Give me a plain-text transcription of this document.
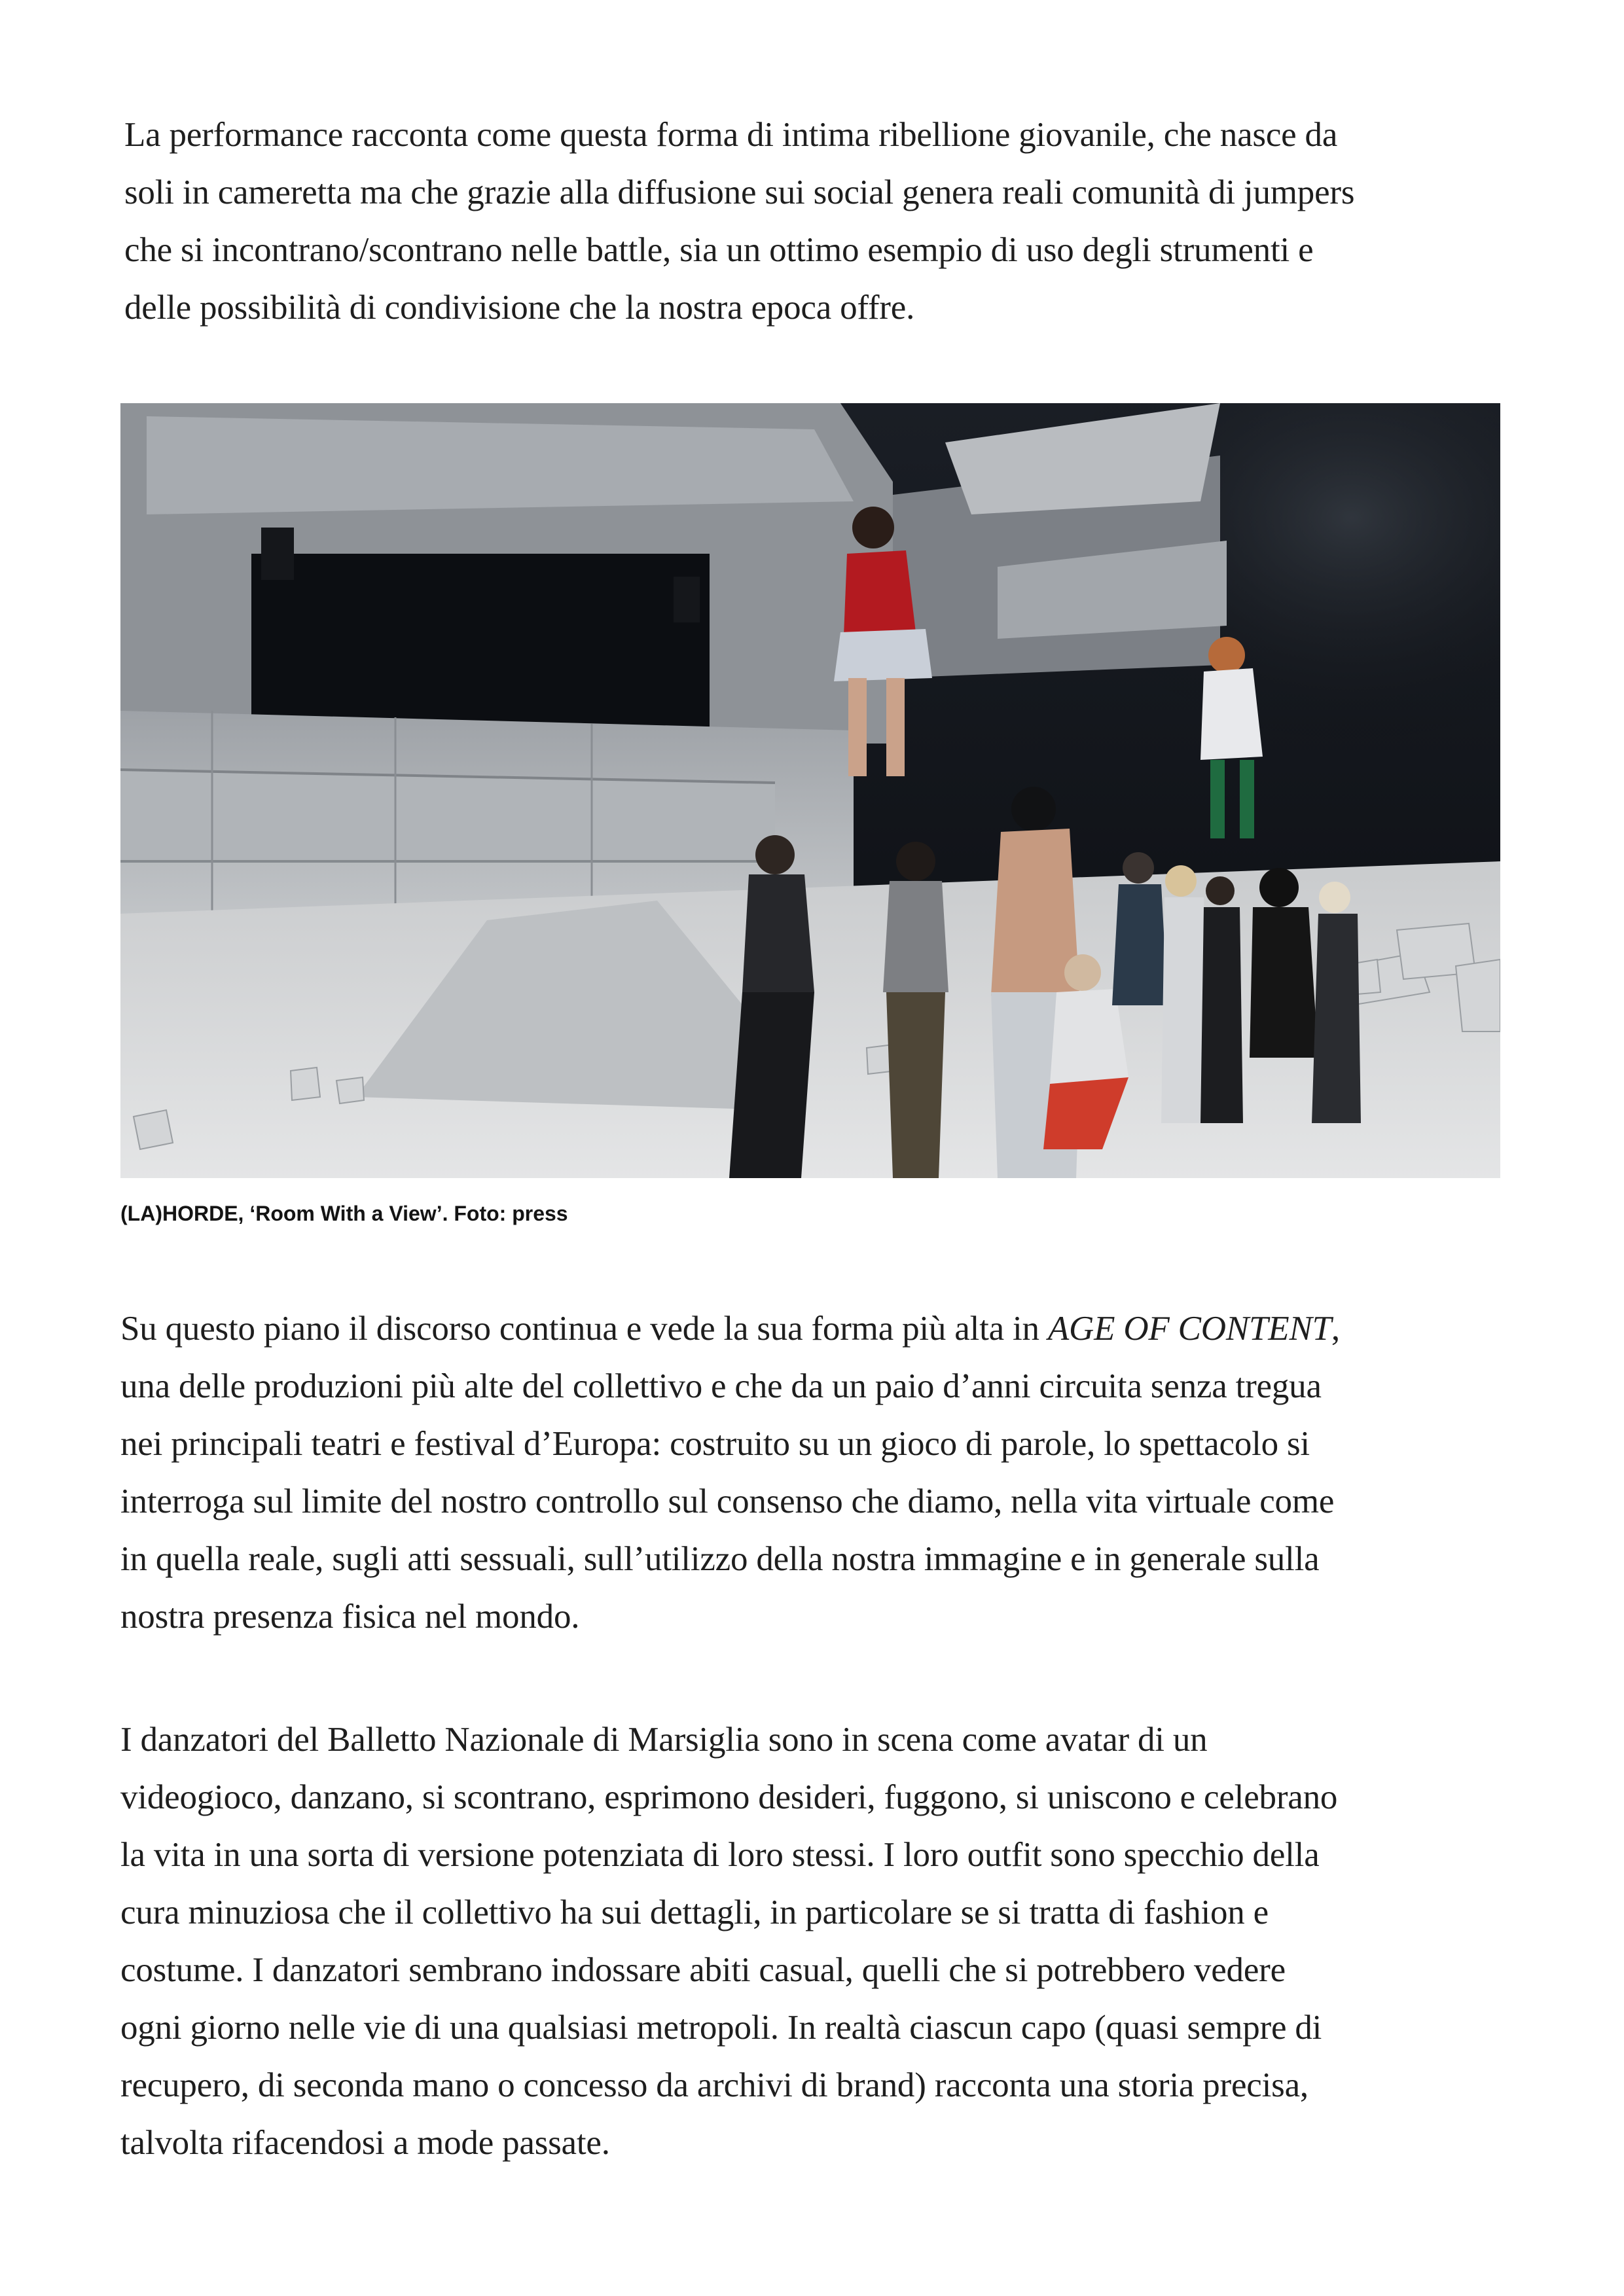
La performance racconta come questa forma di intima ribellione giovanile, che nasce da
soli in cameretta ma che grazie alla diffusione sui social genera reali comunità di jumpers
che si incontrano/scontrano nelle battle, sia un ottimo esempio di uso degli strumenti e
delle possibilità di condivisione che la nostra epoca offre.
(LA)HORDE, ‘Room With a View’. Foto: press
Su questo piano il discorso continua e vede la sua forma più alta in AGE OF CONTENT,
una delle produzioni più alte del collettivo e che da un paio d’anni circuita senza tregua
nei principali teatri e festival d’Europa: costruito su un gioco di parole, lo spettacolo si
interroga sul limite del nostro controllo sul consenso che diamo, nella vita virtuale come
in quella reale, sugli atti sessuali, sull’utilizzo della nostra immagine e in generale sulla
nostra presenza fisica nel mondo.
I danzatori del Balletto Nazionale di Marsiglia sono in scena come avatar di un
videogioco, danzano, si scontrano, esprimono desideri, fuggono, si uniscono e celebrano
la vita in una sorta di versione potenziata di loro stessi. I loro outfit sono specchio della
cura minuziosa che il collettivo ha sui dettagli, in particolare se si tratta di fashion e
costume. I danzatori sembrano indossare abiti casual, quelli che si potrebbero vedere
ogni giorno nelle vie di una qualsiasi metropoli. In realtà ciascun capo (quasi sempre di
recupero, di seconda mano o concesso da archivi di brand) racconta una storia precisa,
talvolta rifacendosi a mode passate.
